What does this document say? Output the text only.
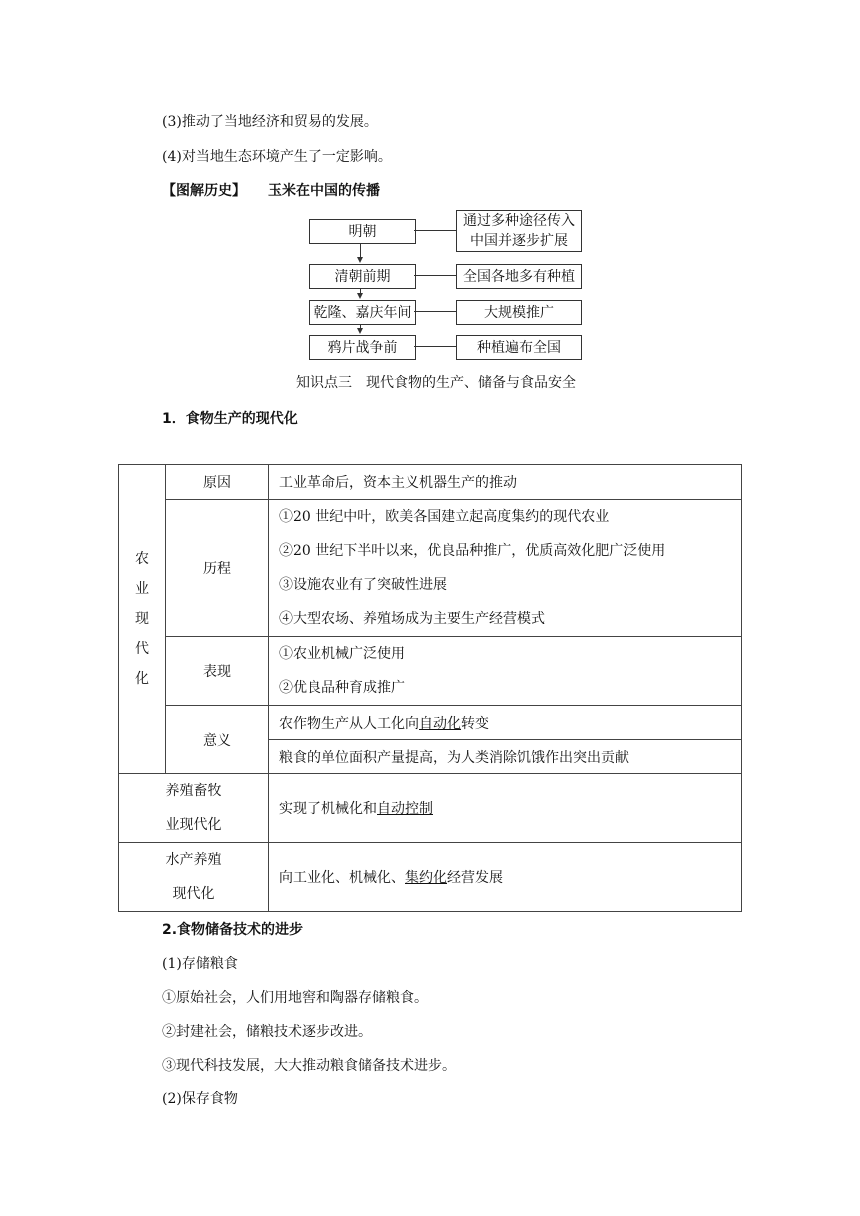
(3)推动了当地经济和贸易的发展。
(4)对当地生态环境产生了一定影响。
【图解历史】 玉米在中国的传播
明朝
清朝前期
乾隆、嘉庆年间
鸦片战争前
通过多种途径传入
中国并逐步扩展
全国各地多有种植
大规模推广
种植遍布全国
知识点三　现代食物的生产、储备与食品安全
1．食物生产的现代化
农
业
现
代
化	原因	工业革命后，资本主义机器生产的推动
	历程	①20 世纪中叶，欧美各国建立起高度集约的现代农业
②20 世纪下半叶以来，优良品种推广，优质高效化肥广泛使用
③设施农业有了突破性进展
④大型农场、养殖场成为主要生产经营模式

	表现	①农业机械广泛使用
②优良品种育成推广

	意义	农作物生产从人工化向自动化转变
		粮食的单位面积产量提高，为人类消除饥饿作出突出贡献

养殖畜牧
业现代化		实现了机械化和自动控制

水产养殖
现代化		向工业化、机械化、集约化经营发展
2.食物储备技术的进步
(1)存储粮食
①原始社会，人们用地窖和陶器存储粮食。
②封建社会，储粮技术逐步改进。
③现代科技发展，大大推动粮食储备技术进步。
(2)保存食物
